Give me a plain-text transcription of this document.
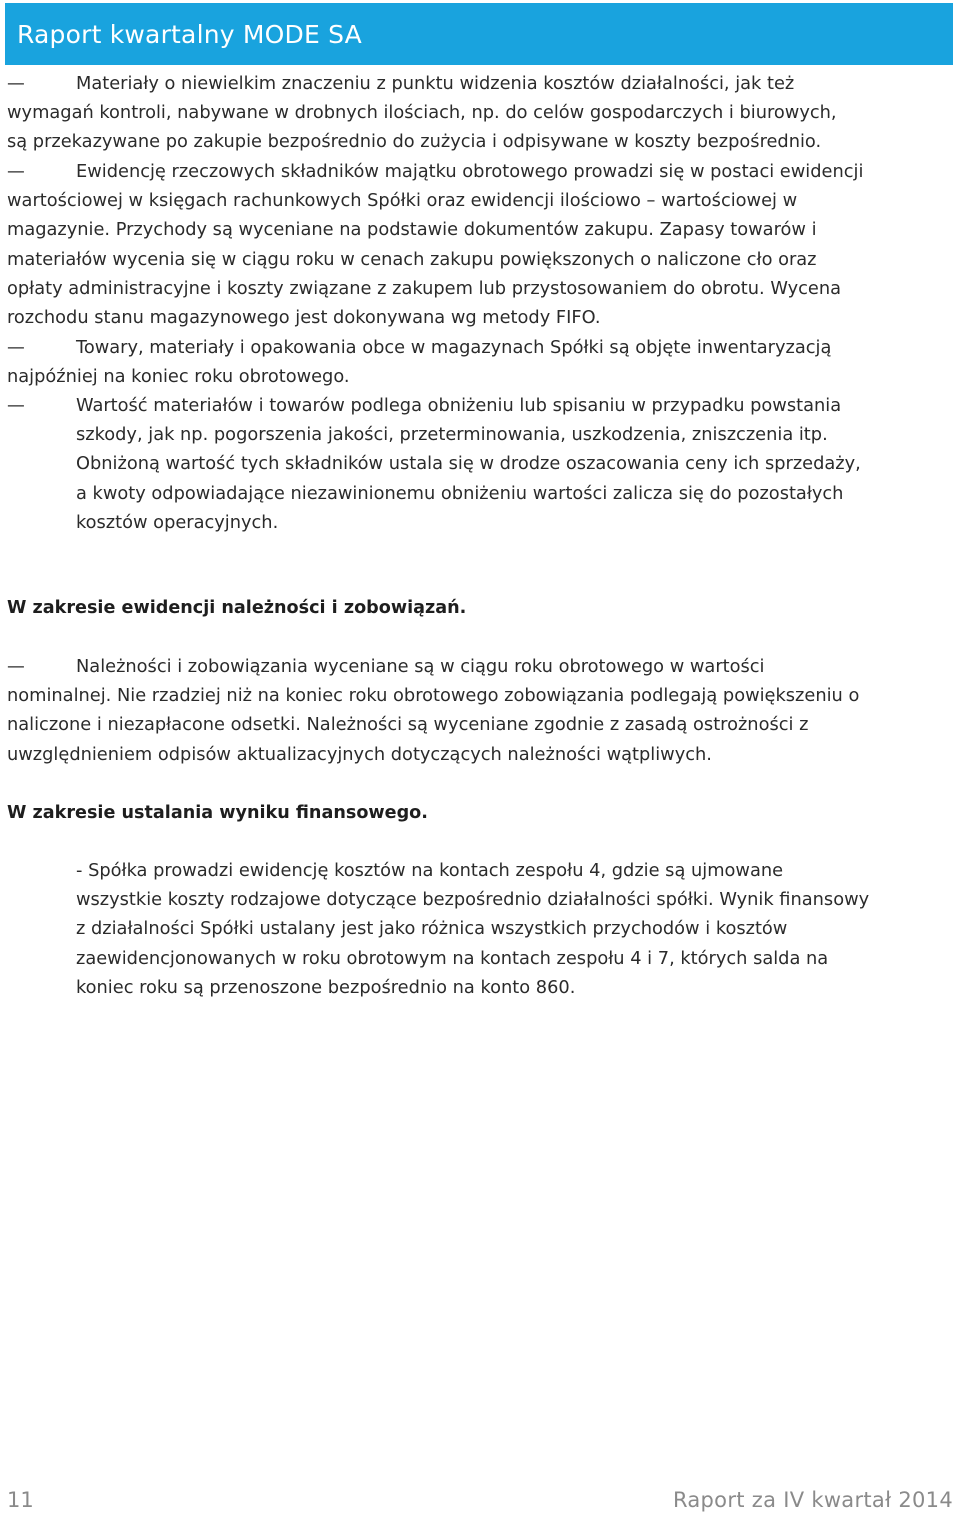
Raport kwartalny MODE SA
—	Materiały o niewielkim znaczeniu z punktu widzenia kosztów działalności, jak też
wymagań kontroli, nabywane w drobnych ilościach, np. do celów gospodarczych i biurowych,
są przekazywane po zakupie bezpośrednio do zużycia i odpisywane w koszty bezpośrednio.
—	Ewidencję rzeczowych składników majątku obrotowego prowadzi się w postaci ewidencji
wartościowej w księgach rachunkowych Spółki oraz ewidencji ilościowo – wartościowej w
magazynie. Przychody są wyceniane na podstawie dokumentów zakupu. Zapasy towarów i
materiałów wycenia się w ciągu roku w cenach zakupu powiększonych o naliczone cło oraz
opłaty administracyjne i koszty związane z zakupem lub przystosowaniem do obrotu. Wycena
rozchodu stanu magazynowego jest dokonywana wg metody FIFO.
—	Towary, materiały i opakowania obce w magazynach Spółki są objęte inwentaryzacją
najpóźniej na koniec roku obrotowego.
—	Wartość materiałów i towarów podlega obniżeniu lub spisaniu w przypadku powstania
szkody, jak np. pogorszenia jakości, przeterminowania, uszkodzenia, zniszczenia itp.
Obniżoną wartość tych składników ustala się w drodze oszacowania ceny ich sprzedaży,
a kwoty odpowiadające niezawinionemu obniżeniu wartości zalicza się do pozostałych
kosztów operacyjnych.
W zakresie ewidencji należności i zobowiązań.
—	Należności i zobowiązania wyceniane są w ciągu roku obrotowego w wartości
nominalnej. Nie rzadziej niż na koniec roku obrotowego zobowiązania podlegają powiększeniu o
naliczone i niezapłacone odsetki. Należności są wyceniane zgodnie z zasadą ostrożności z
uwzględnieniem odpisów aktualizacyjnych dotyczących należności wątpliwych.
W zakresie ustalania wyniku finansowego.
- Spółka prowadzi ewidencję kosztów na kontach zespołu 4, gdzie są ujmowane
wszystkie koszty rodzajowe dotyczące bezpośrednio działalności spółki. Wynik finansowy
z działalności Spółki ustalany jest jako różnica wszystkich przychodów i kosztów
zaewidencjonowanych w roku obrotowym na kontach zespołu 4 i 7, których salda na
koniec roku są przenoszone bezpośrednio na konto 860.
11	Raport za IV kwartał 2014
